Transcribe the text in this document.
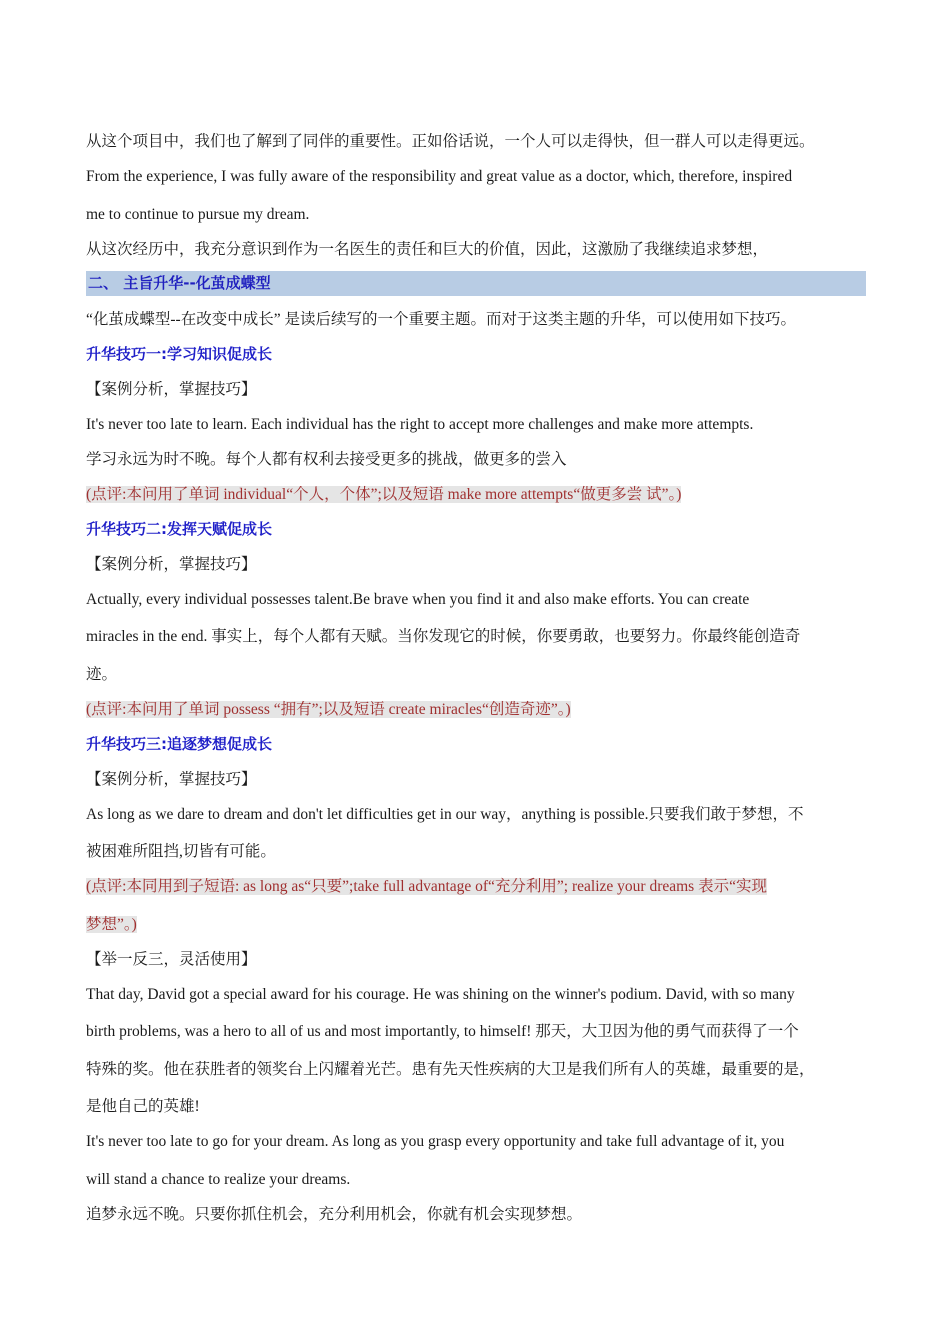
从这个项目中，我们也了解到了同伴的重要性。正如俗话说，一个人可以走得快，但一群人可以走得更远。
From the experience, I was fully aware of the responsibility and great value as a doctor, which, therefore, inspired
me to continue to pursue my dream.
从这次经历中，我充分意识到作为一名医生的责任和巨大的价值，因此，这激励了我继续追求梦想，
二、 主旨升华--化茧成蝶型
“化茧成蝶型--在改变中成长” 是读后续写的一个重要主题。而对于这类主题的升华，可以使用如下技巧。
升华技巧一:学习知识促成长
【案例分析，掌握技巧】
It's never too late to learn. Each individual has the right to accept more challenges and make more attempts.
学习永远为时不晚。每个人都有权利去接受更多的挑战，做更多的尝入
(点评:本问用了单词 individual“个人，个体”;以及短语 make more attempts“做更多尝 试”。)
升华技巧二:发挥天赋促成长
【案例分析，掌握技巧】
Actually, every individual possesses talent.Be brave when you find it and also make efforts. You can create
miracles in the end. 事实上，每个人都有天赋。当你发现它的时候，你要勇敢，也要努力。你最终能创造奇
迹。
(点评:本问用了单词 possess “拥有”;以及短语 create miracles“创造奇迹”。)
升华技巧三:追逐梦想促成长
【案例分析，掌握技巧】
As long as we dare to dream and don't let difficulties get in our way，anything is possible.只要我们敢于梦想，不
被困难所阻挡,切皆有可能。
(点评:本同用到子短语: as long as“只要”;take full advantage of“充分利用”; realize your dreams 表示“实现
梦想”。)
【举一反三，灵活使用】
That day, David got a special award for his courage. He was shining on the winner's podium. David, with so many
birth problems, was a hero to all of us and most importantly, to himself! 那天，大卫因为他的勇气而获得了一个
特殊的奖。他在获胜者的领奖台上闪耀着光芒。患有先天性疾病的大卫是我们所有人的英雄，最重要的是，
是他自己的英雄!
It's never too late to go for your dream. As long as you grasp every opportunity and take full advantage of it, you
will stand a chance to realize your dreams.
追梦永远不晚。只要你抓住机会，充分利用机会，你就有机会实现梦想。
